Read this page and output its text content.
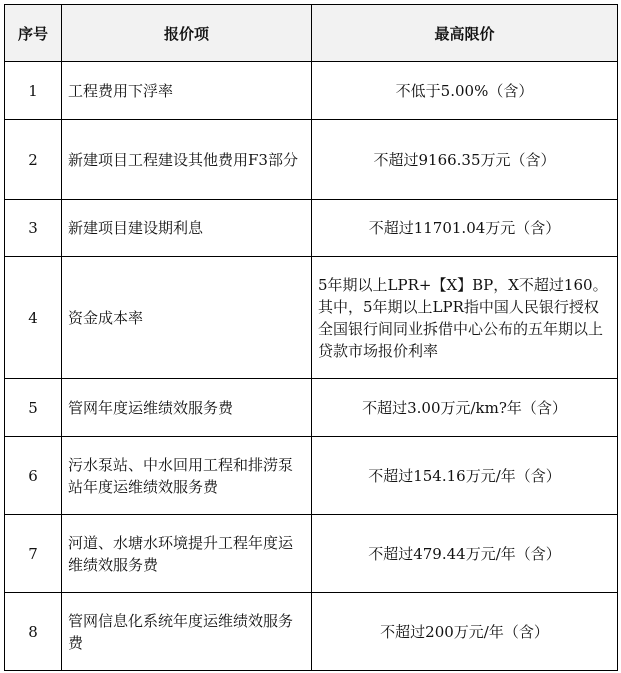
序号	报价项	最高限价
1	工程费用下浮率	不低于5.00%（含）
2	新建项目工程建设其他费用F3部分	不超过9166.35万元（含）
3	新建项目建设期利息	不超过11701.04万元（含）
4	资金成本率	5年期以上LPR+【X】BP，X不超过160。其中，5年期以上LPR指中国人民银行授权全国银行间同业拆借中心公布的五年期以上贷款市场报价利率
5	管网年度运维绩效服务费	不超过3.00万元/km?年（含）
6	污水泵站、中水回用工程和排涝泵站年度运维绩效服务费	不超过154.16万元/年（含）
7	河道、水塘水环境提升工程年度运维绩效服务费	不超过479.44万元/年（含）
8	管网信息化系统年度运维绩效服务费	不超过200万元/年（含）
